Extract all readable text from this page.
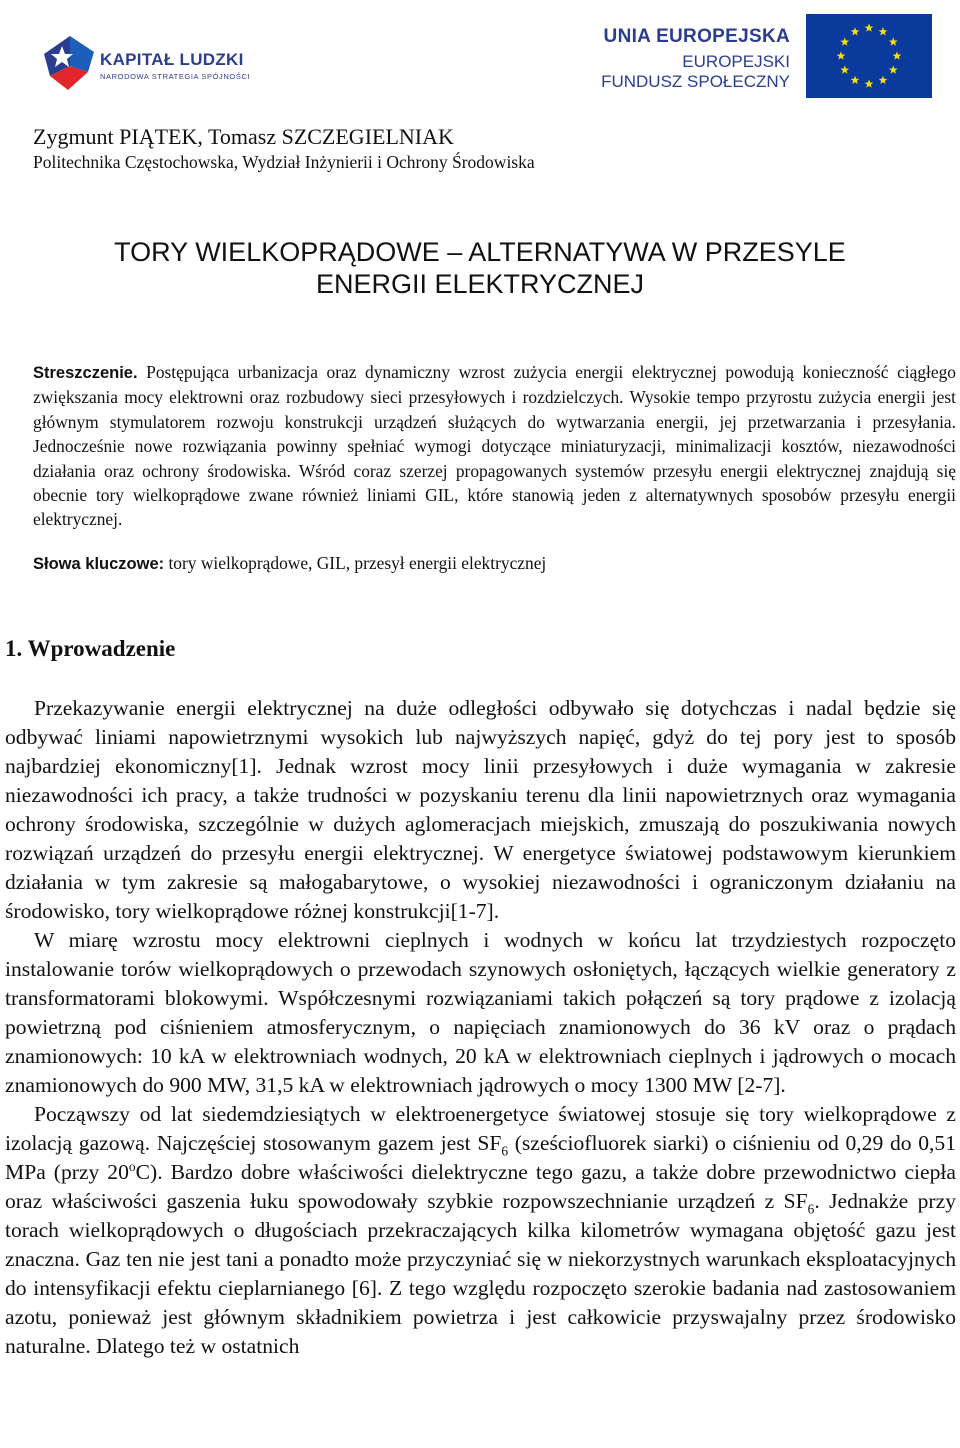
KAPITAŁ LUDZKI
NARODOWA STRATEGIA SPÓJNOŚCI
UNIA EUROPEJSKA
EUROPEJSKI
FUNDUSZ SPOŁECZNY
Zygmunt PIĄTEK, Tomasz SZCZEGIELNIAK
Politechnika Częstochowska, Wydział Inżynierii i Ochrony Środowiska
TORY WIELKOPRĄDOWE – ALTERNATYWA W PRZESYLE
ENERGII ELEKTRYCZNEJ
Streszczenie. Postępująca urbanizacja oraz dynamiczny wzrost zużycia energii elektrycznej powodują konieczność ciągłego zwiększania mocy elektrowni oraz rozbudowy sieci przesyłowych i rozdzielczych. Wysokie tempo przyrostu zużycia energii jest głównym stymulatorem rozwoju konstrukcji urządzeń służących do wytwarzania energii, jej przetwarzania i przesyłania. Jednocześnie nowe rozwiązania powinny spełniać wymogi dotyczące miniaturyzacji, minimalizacji kosztów, niezawodności działania oraz ochrony środowiska. Wśród coraz szerzej propagowanych systemów przesyłu energii elektrycznej znajdują się obecnie tory wielkoprądowe zwane również liniami GIL, które stanowią jeden z alternatywnych sposobów przesyłu energii elektrycznej.
Słowa kluczowe: tory wielkoprądowe, GIL, przesył energii elektrycznej
1. Wprowadzenie

Przekazywanie energii elektrycznej na duże odległości odbywało się dotychczas i nadal będzie się odbywać liniami napowietrznymi wysokich lub najwyższych napięć, gdyż do tej pory jest to sposób najbardziej ekonomiczny[1]. Jednak wzrost mocy linii przesyłowych i duże wymagania w zakresie niezawodności ich pracy, a także trudności w pozyskaniu terenu dla linii napowietrznych oraz wymagania ochrony środowiska, szczególnie w dużych aglomeracjach miejskich, zmuszają do poszukiwania nowych rozwiązań urządzeń do przesyłu energii elektrycznej. W energetyce światowej podstawowym kierunkiem działania w tym zakresie są małogabarytowe, o wysokiej niezawodności i ograniczonym działaniu na środowisko, tory wielkoprądowe różnej konstrukcji[1-7].

W miarę wzrostu mocy elektrowni cieplnych i wodnych w końcu lat trzydziestych rozpoczęto instalowanie torów wielkoprądowych o przewodach szynowych osłoniętych, łączących wielkie generatory z transformatorami blokowymi. Współczesnymi rozwiązaniami takich połączeń są tory prądowe z izolacją powietrzną pod ciśnieniem atmosferycznym, o napięciach znamionowych do 36 kV oraz o prądach znamionowych: 10 kA w elektrowniach wodnych, 20 kA w elektrowniach cieplnych i jądrowych o mocach znamionowych do 900 MW, 31,5 kA w elektrowniach jądrowych o mocy 1300 MW [2-7].

Począwszy od lat siedemdziesiątych w elektroenergetyce światowej stosuje się tory wielkoprądowe z izolacją gazową. Najczęściej stosowanym gazem jest $SF_6$ (sześciofluorek siarki) o ciśnieniu od 0,29 do 0,51 MPa (przy 20$^o$C). Bardzo dobre właściwości dielektryczne tego gazu, a także dobre przewodnictwo ciepła oraz właściwości gaszenia łuku spowodowały szybkie rozpowszechnianie urządzeń z $SF_6$. Jednakże przy torach wielkoprądowych o długościach przekraczających kilka kilometrów wymagana objętość gazu jest znaczna. Gaz ten nie jest tani a ponadto może przyczyniać się w niekorzystnych warunkach eksploatacyjnych do intensyfikacji efektu cieplarnianego [6]. Z tego względu rozpoczęto szerokie badania nad zastosowaniem azotu, ponieważ jest głównym składnikiem powietrza i jest całkowicie przyswajalny przez środowisko naturalne. Dlatego też w ostatnich
